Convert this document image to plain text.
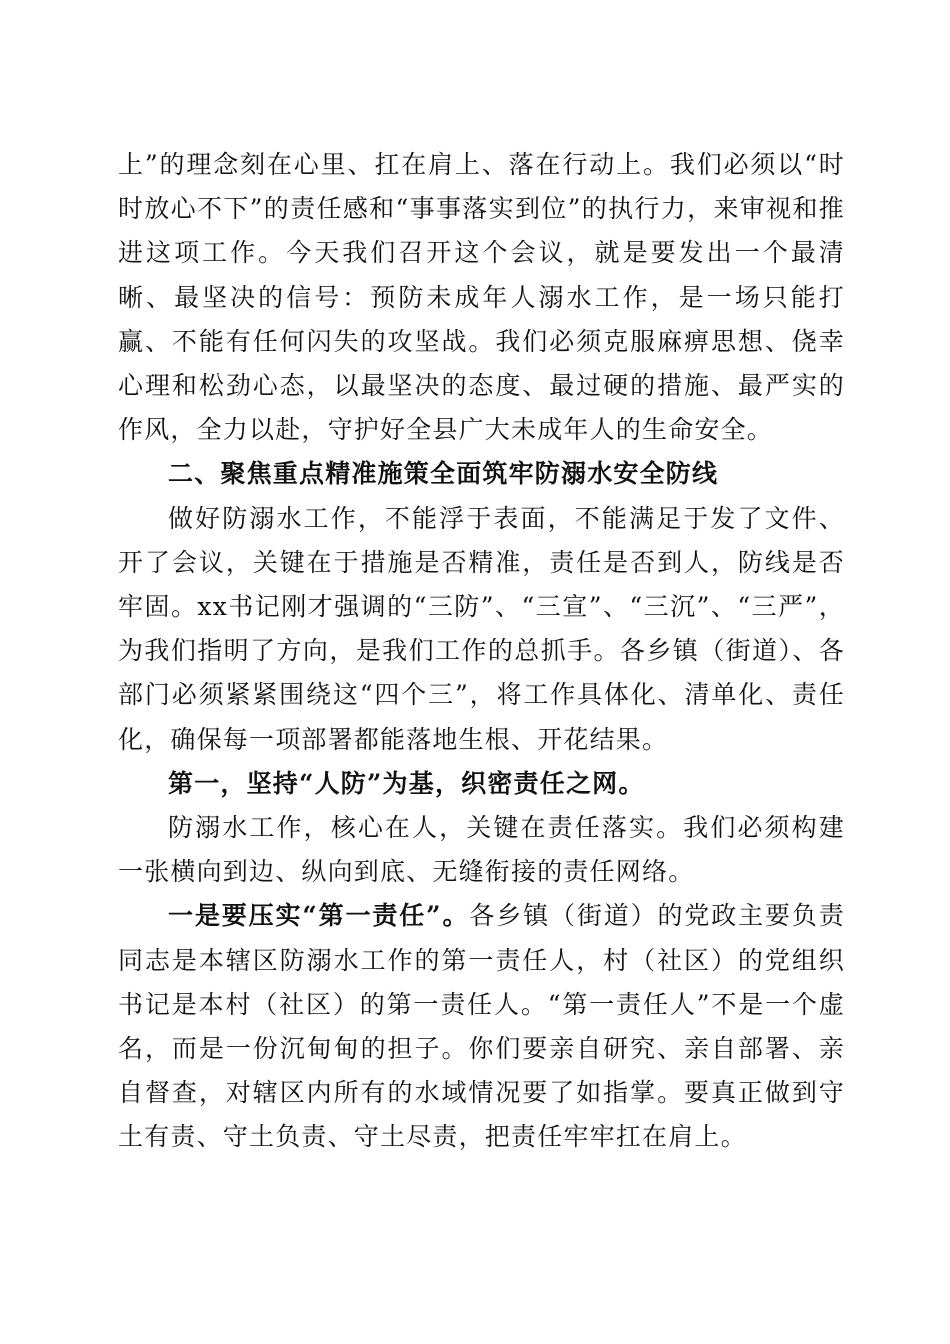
上”的理念刻在心里、扛在肩上、落在行动上。我们必须以“时时放心不下”的责任感和“事事落实到位”的执行力，来审视和推进这项工作。今天我们召开这个会议，就是要发出一个最清晰、最坚决的信号：预防未成年人溺水工作，是一场只能打赢、不能有任何闪失的攻坚战。我们必须克服麻痹思想、侥幸心理和松劲心态，以最坚决的态度、最过硬的措施、最严实的作风，全力以赴，守护好全县广大未成年人的生命安全。

二、聚焦重点精准施策全面筑牢防溺水安全防线

做好防溺水工作，不能浮于表面，不能满足于发了文件、开了会议，关键在于措施是否精准，责任是否到人，防线是否牢固。xx书记刚才强调的“三防”、“三宣”、“三沉”、“三严”，为我们指明了方向，是我们工作的总抓手。各乡镇（街道）、各部门必须紧紧围绕这“四个三”，将工作具体化、清单化、责任化，确保每一项部署都能落地生根、开花结果。

第一，坚持“人防”为基，织密责任之网。

防溺水工作，核心在人，关键在责任落实。我们必须构建一张横向到边、纵向到底、无缝衔接的责任网络。

一是要压实“第一责任”。各乡镇（街道）的党政主要负责同志是本辖区防溺水工作的第一责任人，村（社区）的党组织书记是本村（社区）的第一责任人。“第一责任人”不是一个虚名，而是一份沉甸甸的担子。你们要亲自研究、亲自部署、亲自督查，对辖区内所有的水域情况要了如指掌。要真正做到守土有责、守土负责、守土尽责，把责任牢牢扛在肩上。
